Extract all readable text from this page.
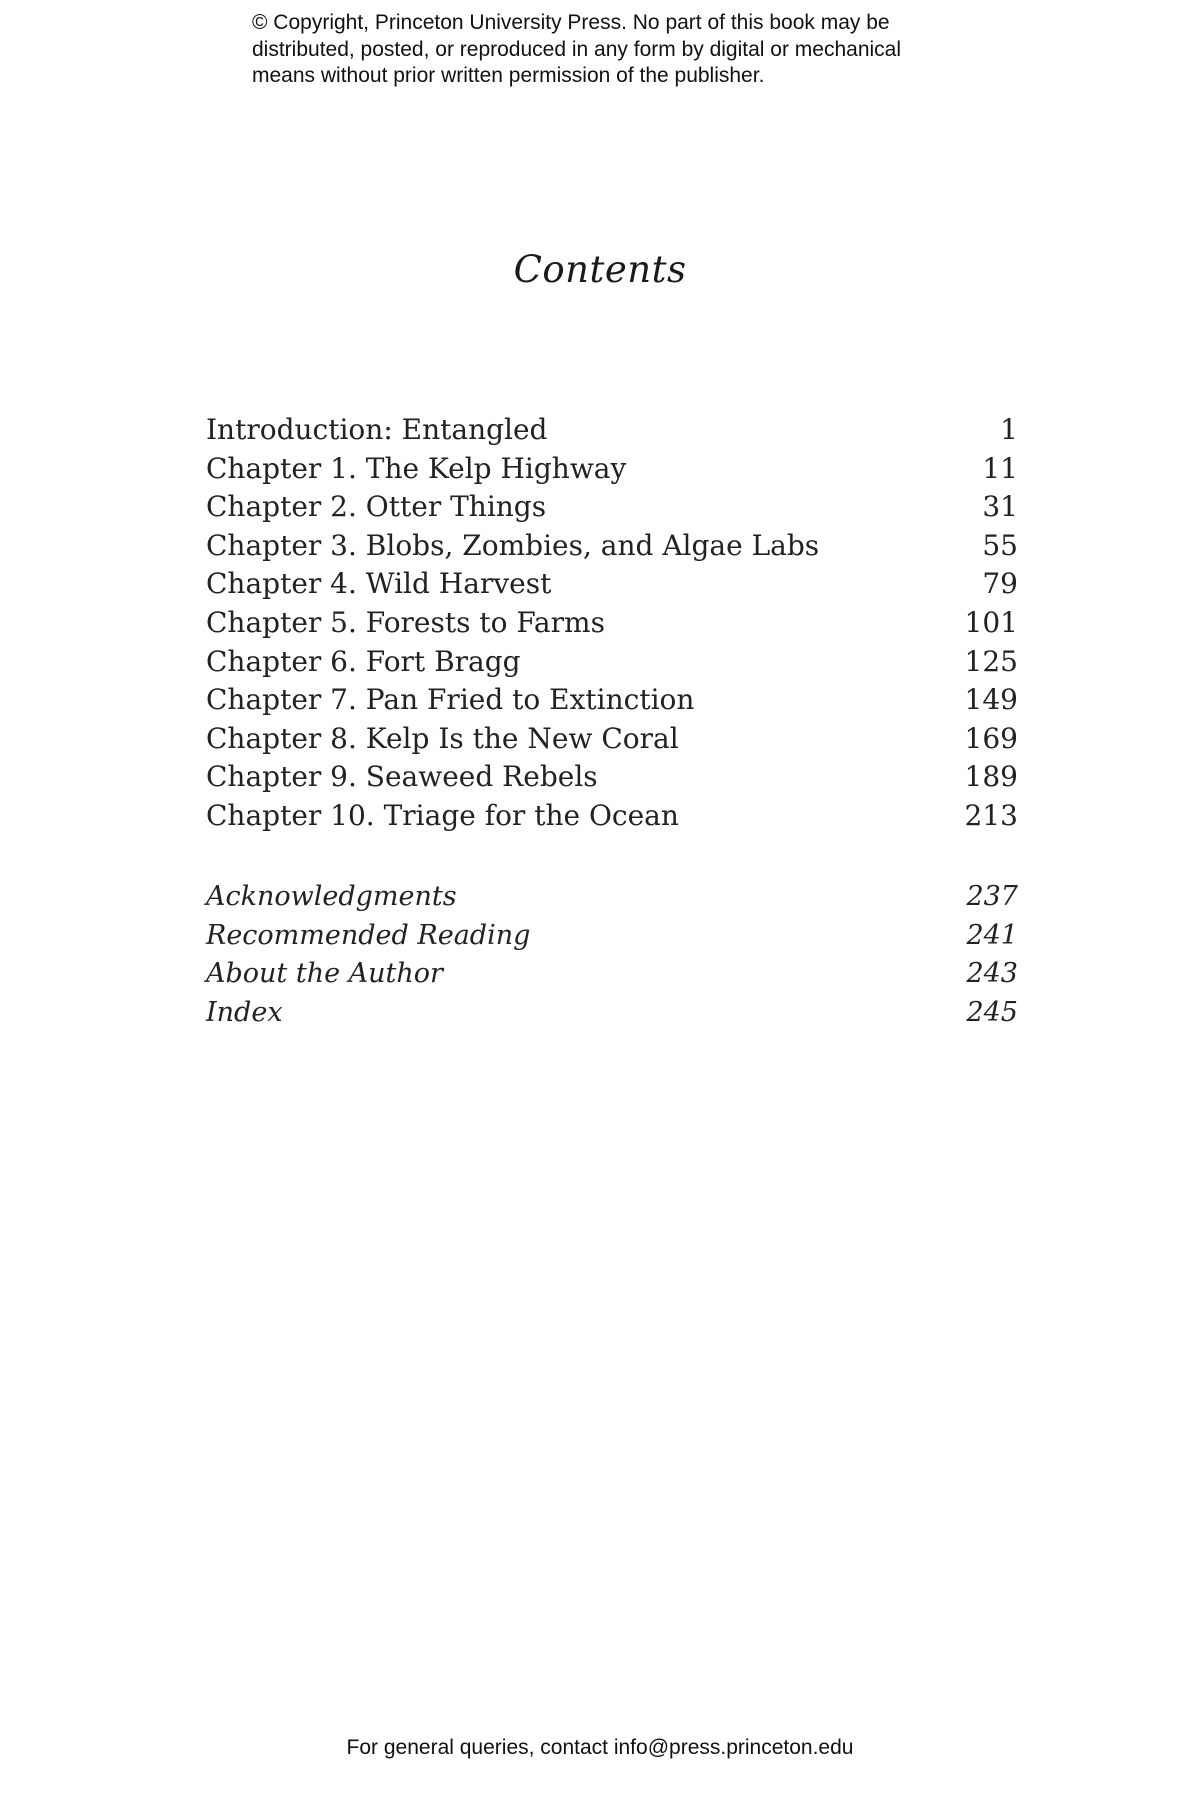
© Copyright, Princeton University Press. No part of this book may be
distributed, posted, or reproduced in any form by digital or mechanical
means without prior written permission of the publisher.
Contents
Introduction: Entangled	1
Chapter 1. The Kelp Highway	11
Chapter 2. Otter Things	31
Chapter 3. Blobs, Zombies, and Algae Labs	55
Chapter 4. Wild Harvest	79
Chapter 5. Forests to Farms	101
Chapter 6. Fort Bragg	125
Chapter 7. Pan Fried to Extinction	149
Chapter 8. Kelp Is the New Coral	169
Chapter 9. Seaweed Rebels	189
Chapter 10. Triage for the Ocean	213
Acknowledgments	237
Recommended Reading	241
About the Author	243
Index	245

For general queries, contact info@press.princeton.edu
